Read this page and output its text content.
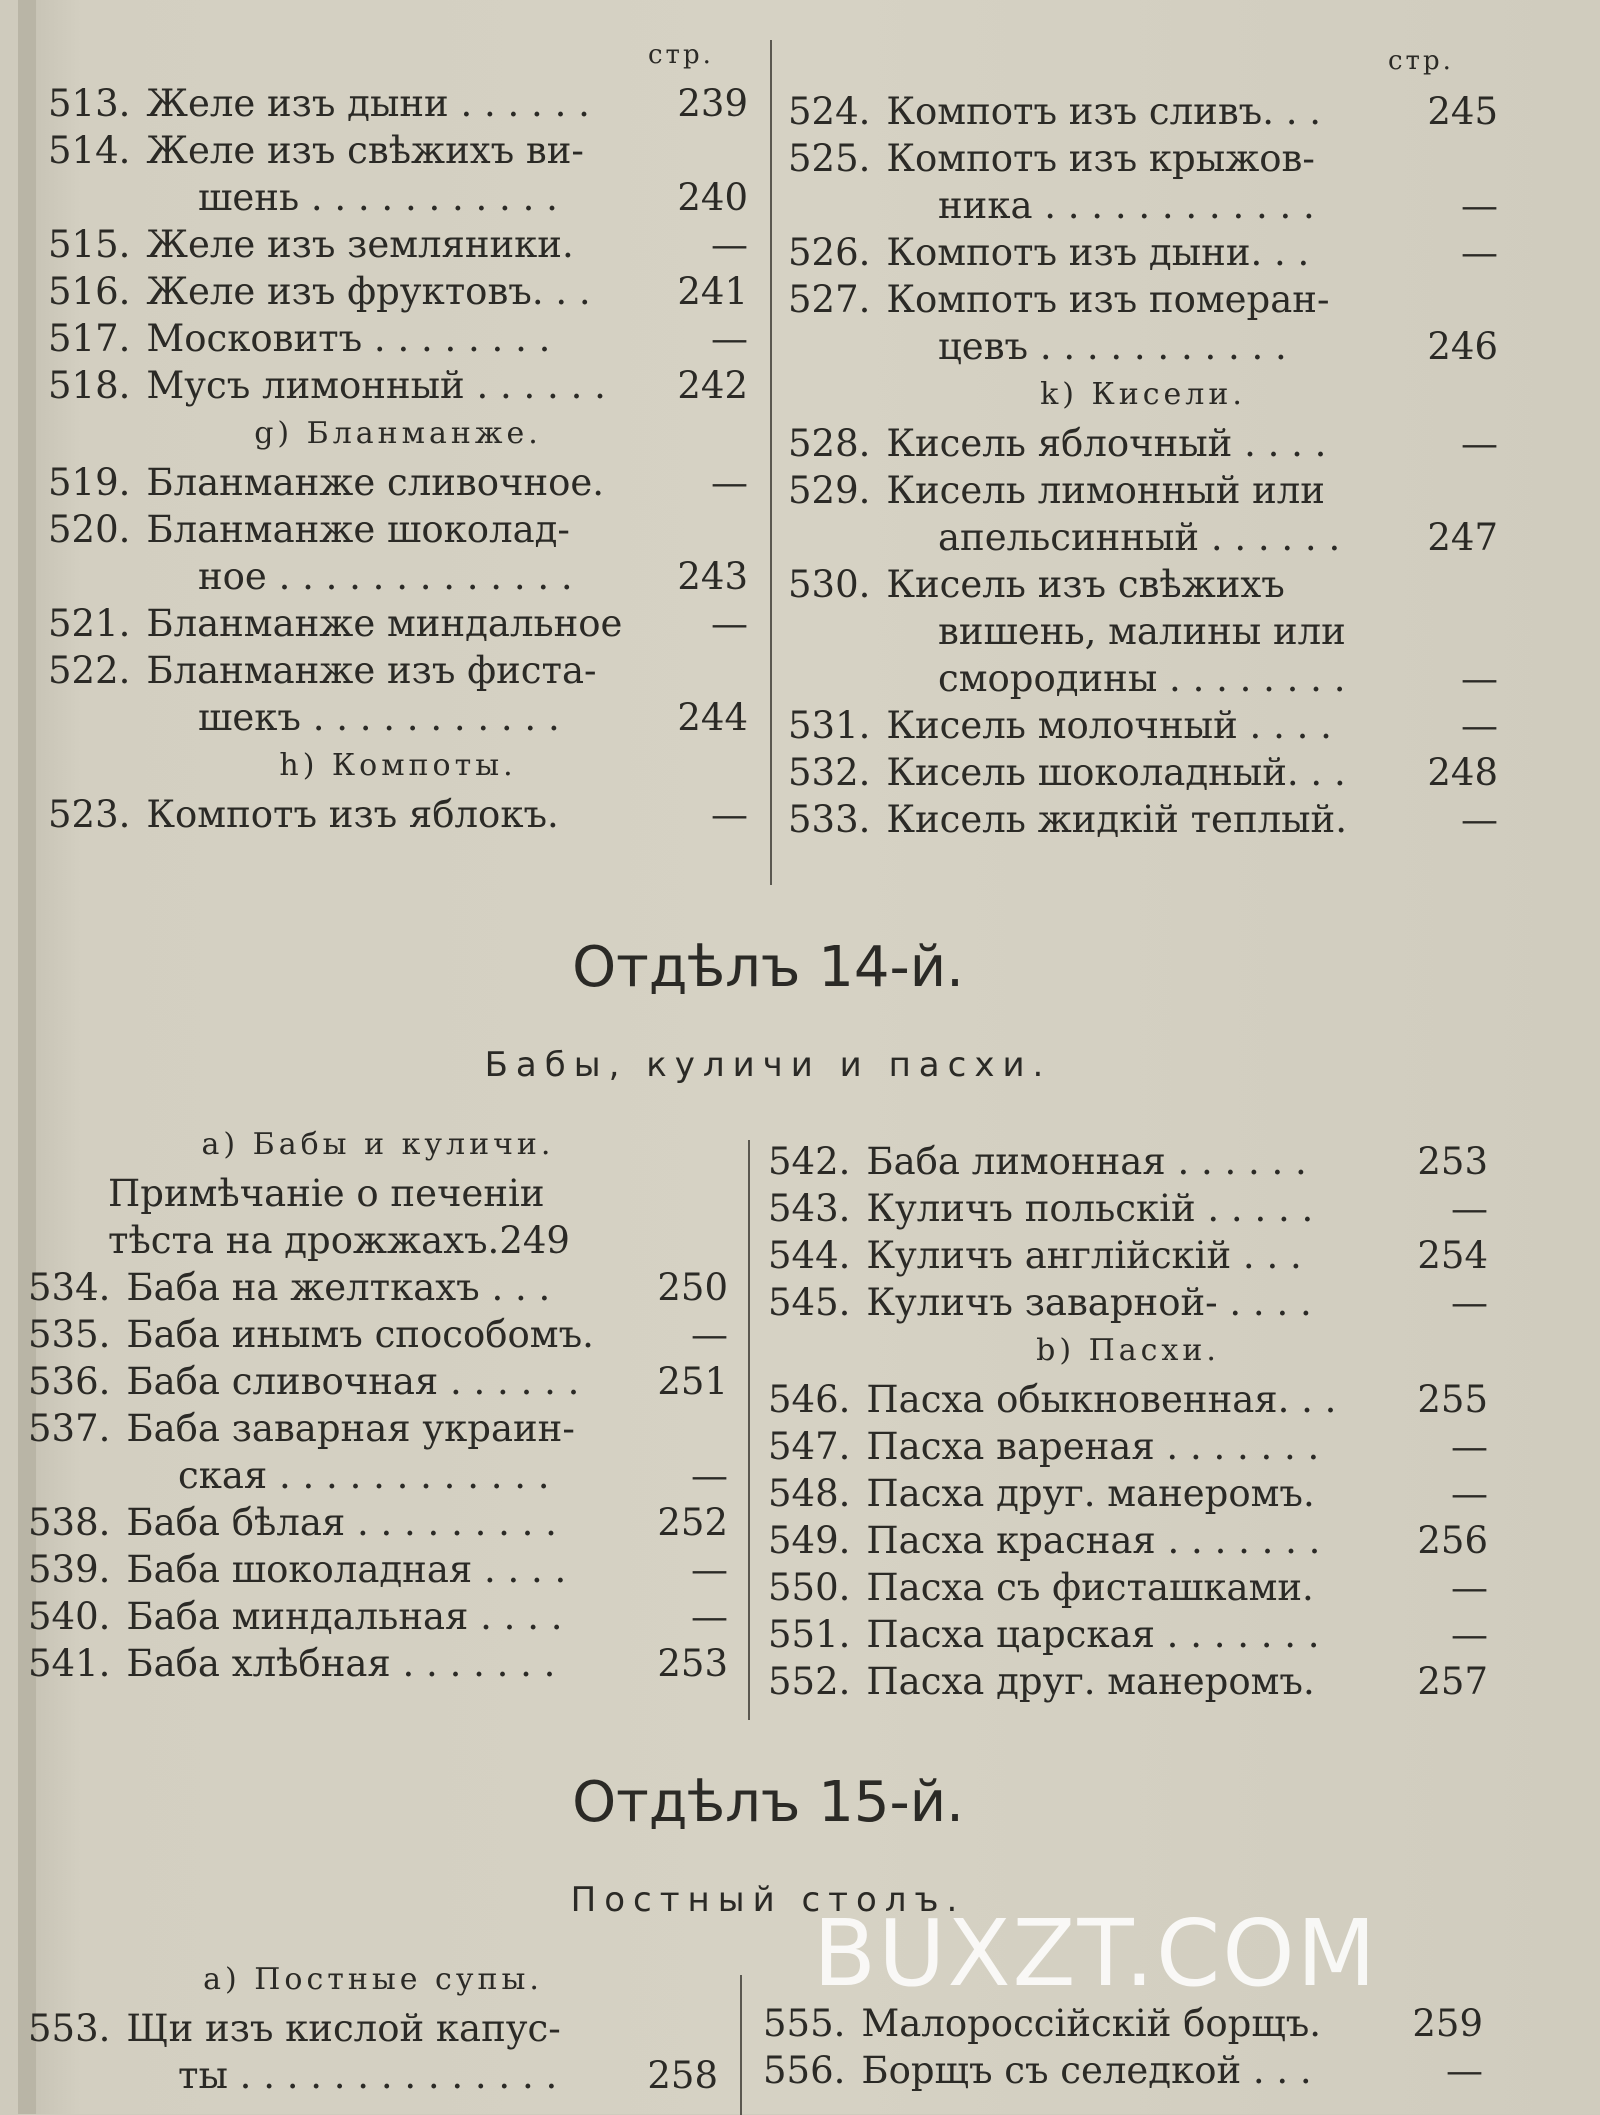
стр.	стр.
513. Желе изъ дыни . . . . . . 239
514. Желе изъ свѣжихъ ви-
шень . . . . . . . . . . .	240
515. Желе изъ земляники.	—
516. Желе изъ фруктовъ. . . 241
517. Московитъ . . . . . . . .	—
518. Мусъ лимонный . . . . . . 242
g) Бланманже.
519. Бланманже сливочное.	—
520. Бланманже шоколад-
ное . . . . . . . . . . . . .	243
521. Бланманже миндальное —
522. Бланманже изъ фиста-
шекъ . . . . . . . . . . .	244
h) Компоты.
523. Компотъ изъ яблокъ.	—
524. Компотъ изъ сливъ. . .	245
525. Компотъ изъ крыжов-
ника . . . . . . . . . . . .	—
526. Компотъ изъ дыни. . .	—
527. Компотъ изъ померан-
цевъ . . . . . . . . . . .	246
k) Кисели.
528. Кисель яблочный . . . .	—
529. Кисель лимонный или
апельсинный . . . . . . 247
530. Кисель изъ свѣжихъ
вишень, малины или
смородины . . . . . . . .	—
531. Кисель молочный . . . .	—
532. Кисель шоколадный. . . 248
533. Кисель жидкій теплый.	—
Отдѣлъ 14-й.
Бабы, куличи и пасхи.
a) Бабы и куличи.
Примѣчаніе о печеніи
тѣста на дрожжахъ.249
534. Баба на желткахъ . . .	250
535. Баба инымъ способомъ.	—
536. Баба сливочная . . . . . . 251
537. Баба заварная украин-
ская . . . . . . . . . . . .	—
538. Баба бѣлая . . . . . . . . .	252
539. Баба шоколадная . . . .	—
540. Баба миндальная . . . .	—
541. Баба хлѣбная . . . . . . .	253
542. Баба лимонная . . . . . .	253
543. Куличъ польскій . . . . .	—
544. Куличъ англійскій . . .	254
545. Куличъ заварной- . . . .	—
b) Пасхи.
546. Пасха обыкновенная. . . 255
547. Пасха вареная . . . . . . .	—
548. Пасха друг. манеромъ.	—
549. Пасха красная . . . . . . .	256
550. Пасха съ фисташками.	—
551. Пасха царская . . . . . . .	—
552. Пасха друг. манеромъ.	257
Отдѣлъ 15-й.
Постный столъ.
а) Постные супы.
553. Щи изъ кислой капус-
ты . . . . . . . . . . . . . . 258
555. Малороссійскій борщъ. 259
556. Борщъ съ селедкой . . .	—
BUXZT.COM
